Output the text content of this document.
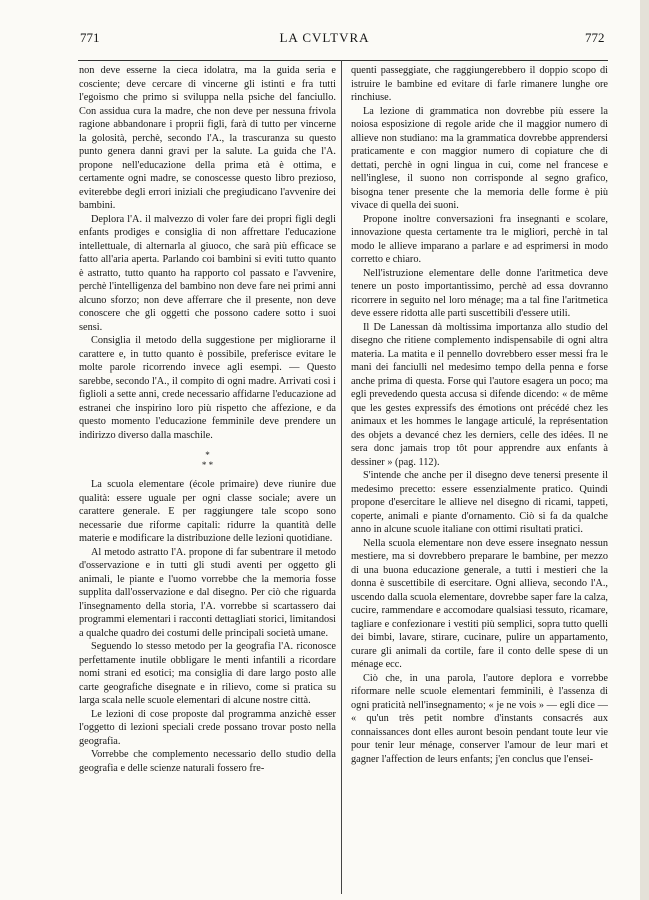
771	LA CVLTVRA	772

non deve esserne la cieca idolatra, ma la guida seria e cosciente; deve cercare di vincerne gli istinti e fra tutti l'egoismo che primo si sviluppa nella psiche del fanciullo. Con assidua cura la madre, che non deve per nessuna frivola ragione abbandonare i proprii figli, farà di tutto per vincerne la golosità, perchè, secondo l'A., la trascuranza su questo punto genera danni gravi per la salute. La guida che l'A. propone nell'educazione della prima età è ottima, e certamente ogni madre, se conoscesse questo libro prezioso, eviterebbe degli errori iniziali che pregiudicano l'avvenire dei bambini.

Deplora l'A. il malvezzo di voler fare dei propri figli degli enfants prodiges e consiglia di non affrettare l'educazione intellettuale, di alternarla al giuoco, che sarà più efficace se fatto all'aria aperta. Parlando coi bambini si eviti tutto quanto è astratto, tutto quanto ha rapporto col passato e l'avvenire, perchè l'intelligenza del bambino non deve fare nei primi anni alcuno sforzo; non deve afferrare che il presente, non deve conoscere che gli oggetti che possono cadere sotto i suoi sensi.

Consiglia il metodo della suggestione per migliorarne il carattere e, in tutto quanto è possibile, preferisce evitare le molte parole ricorrendo invece agli esempi. — Questo sarebbe, secondo l'A., il compito di ogni madre. Arrivati così i figlioli a sette anni, crede necessario affidarne l'educazione ad estranei che inspirino loro più rispetto che affezione, e da questo momento l'educazione femminile deve prendere un indirizzo diverso dalla maschile.

*
* *

La scuola elementare (école primaire) deve riunire due qualità: essere uguale per ogni classe sociale; avere un carattere generale. E per raggiungere tale scopo sono necessarie due riforme capitali: ridurre la quantità delle materie e modificare la distribuzione delle lezioni quotidiane.

Al metodo astratto l'A. propone di far subentrare il metodo d'osservazione e in tutti gli studi aventi per oggetto gli animali, le piante e l'uomo vorrebbe che la memoria fosse supplita dall'osservazione e dal disegno. Per ciò che riguarda l'insegnamento della storia, l'A. vorrebbe si scartassero dai programmi elementari i racconti dettagliati storici, limitandosi a qualche quadro dei costumi delle principali società umane.

Seguendo lo stesso metodo per la geografia l'A. riconosce perfettamente inutile obbligare le menti infantili a ricordare nomi strani ed esotici; ma consiglia di dare largo posto alle carte geografiche disegnate e in rilievo, come si pratica su larga scala nelle scuole elementari di alcune nostre città.

Le lezioni di cose proposte dal programma anzichè esser l'oggetto di lezioni speciali crede possano trovar posto nella geografia.

Vorrebbe che complemento necessario dello studio della geografia e delle scienze naturali fossero fre-

quenti passeggiate, che raggiungerebbero il doppio scopo di istruire le bambine ed evitare di farle rimanere lunghe ore rinchiuse.

La lezione di grammatica non dovrebbe più essere la noiosa esposizione di regole aride che il maggior numero di allieve non studiano: ma la grammatica dovrebbe apprendersi praticamente e con maggior numero di copiature che di dettati, perchè in ogni lingua in cui, come nel francese e nell'inglese, il suono non corrisponde al segno grafico, bisogna tener presente che la memoria delle forme è più vivace di quella dei suoni.

Propone inoltre conversazioni fra insegnanti e scolare, innovazione questa certamente tra le migliori, perchè in tal modo le allieve imparano a parlare e ad esprimersi in modo corretto e chiaro.

Nell'istruzione elementare delle donne l'aritmetica deve tenere un posto importantissimo, perchè ad essa dovranno ricorrere in seguito nel loro ménage; ma a tal fine l'aritmetica deve essere ridotta alle parti suscettibili d'essere utili.

Il De Lanessan dà moltissima importanza allo studio del disegno che ritiene complemento indispensabile di ogni altra materia. La matita e il pennello dovrebbero esser messi fra le mani dei fanciulli nel medesimo tempo della penna e forse anche prima di questa. Forse qui l'autore esagera un poco; ma egli prevedendo questa accusa si difende dicendo: « de même que les gestes expressifs des émotions ont précédé chez les animaux et les hommes le langage articulé, la représentation des objets a devancé chez les derniers, celle des idées. Il ne sera donc jamais trop tôt pour apprendre aux enfants à dessiner » (pag. 112).

S'intende che anche per il disegno deve tenersi presente il medesimo precetto: essere essenzialmente pratico. Quindi propone d'esercitare le allieve nel disegno di ricami, tappeti, coperte, animali e piante d'ornamento. Ciò si fa da qualche anno in alcune scuole italiane con ottimi risultati pratici.

Nella scuola elementare non deve essere insegnato nessun mestiere, ma si dovrebbero preparare le bambine, per mezzo di una buona educazione generale, a tutti i mestieri che la donna è suscettibile di esercitare. Ogni allieva, secondo l'A., uscendo dalla scuola elementare, dovrebbe saper fare la calza, cucire, rammendare e accomodare qualsiasi tessuto, ricamare, tagliare e confezionare i vestiti più semplici, sopra tutto quelli dei bimbi, lavare, stirare, cucinare, pulire un appartamento, curare gli animali da cortile, fare il conto delle spese di un ménage ecc.

Ciò che, in una parola, l'autore deplora e vorrebbe riformare nelle scuole elementari femminili, è l'assenza di ogni praticità nell'insegnamento; « je ne vois » — egli dice — « qu'un très petit nombre d'instants consacrés aux connaissances dont elles auront besoin pendant toute leur vie pour tenir leur ménage, conserver l'amour de leur mari et gagner l'affection de leurs enfants; j'en conclus que l'ensei-
